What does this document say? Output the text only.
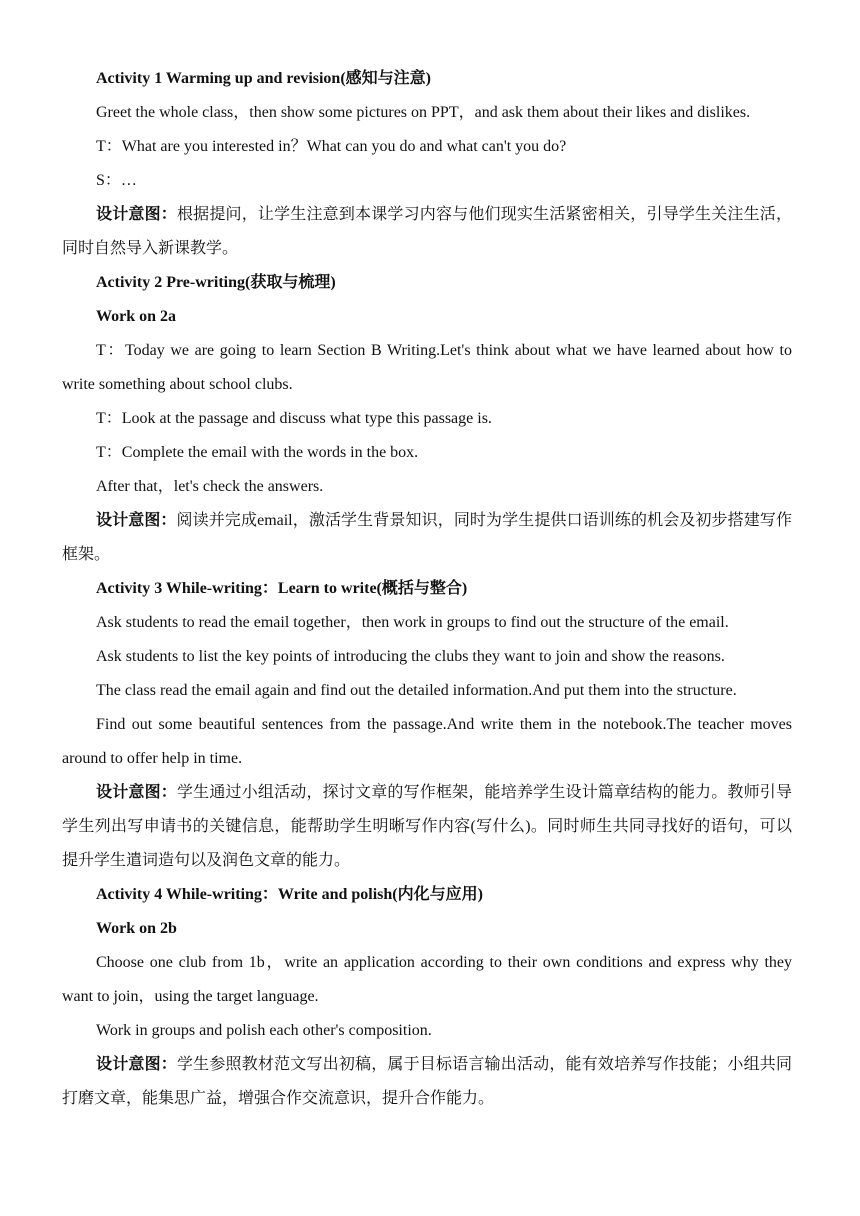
Activity 1 Warming up and revision(感知与注意)

Greet the whole class，then show some pictures on PPT，and ask them about their likes and dislikes.

T：What are you interested in？What can you do and what can't you do?

S：…

设计意图：根据提问，让学生注意到本课学习内容与他们现实生活紧密相关，引导学生关注生活，同时自然导入新课教学。

Activity 2 Pre‑writing(获取与梳理)

Work on 2a

T：Today we are going to learn Section B Writing.Let's think about what we have learned about how to write something about school clubs.

T：Look at the passage and discuss what type this passage is.

T：Complete the email with the words in the box.

After that，let's check the answers.

设计意图：阅读并完成email，激活学生背景知识，同时为学生提供口语训练的机会及初步搭建写作框架。

Activity 3 While‑writing：Learn to write(概括与整合)

Ask students to read the email together，then work in groups to find out the structure of the email.

Ask students to list the key points of introducing the clubs they want to join and show the reasons.

The class read the email again and find out the detailed information.And put them into the structure.

Find out some beautiful sentences from the passage.And write them in the notebook.The teacher moves around to offer help in time.

设计意图：学生通过小组活动，探讨文章的写作框架，能培养学生设计篇章结构的能力。教师引导学生列出写申请书的关键信息，能帮助学生明晰写作内容(写什么)。同时师生共同寻找好的语句，可以提升学生遣词造句以及润色文章的能力。

Activity 4 While‑writing：Write and polish(内化与应用)

Work on 2b

Choose one club from 1b，write an application according to their own conditions and express why they want to join，using the target language.

Work in groups and polish each other's composition.

设计意图：学生参照教材范文写出初稿，属于目标语言输出活动，能有效培养写作技能；小组共同打磨文章，能集思广益，增强合作交流意识，提升合作能力。
